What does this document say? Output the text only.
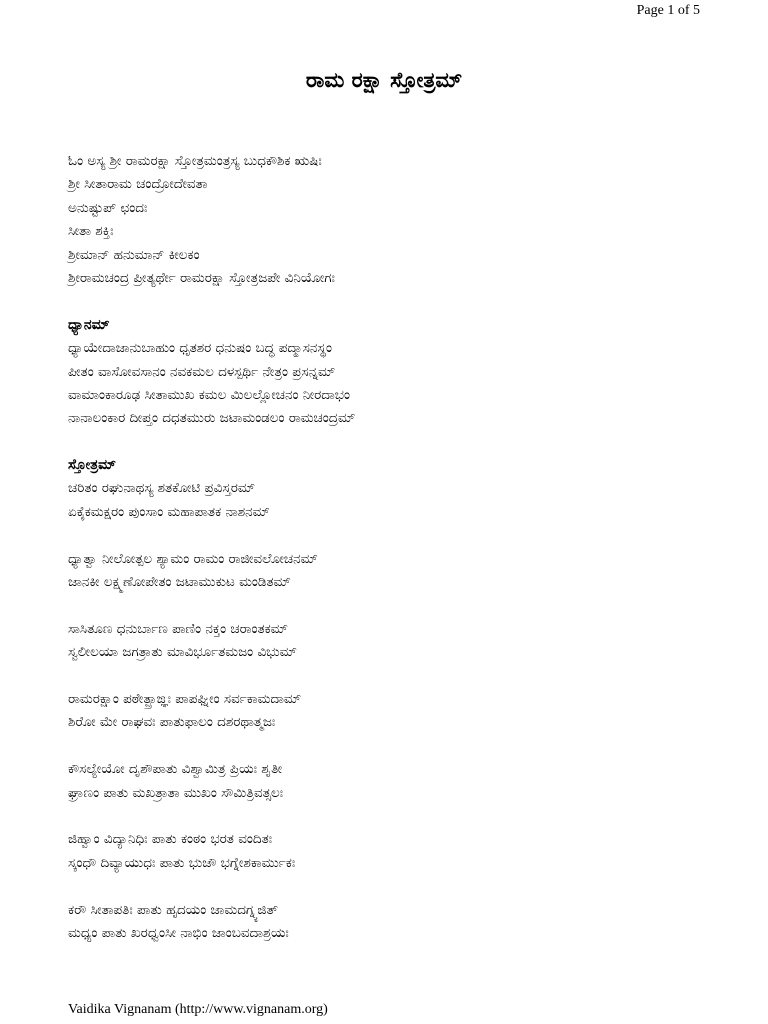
Page 1 of 5
ರಾಮ ರಕ್ಷಾ ಸ್ತೋತ್ರಮ್
ಓಂ ಅಸ್ಯ ಶ್ರೀ ರಾಮರಕ್ಷಾ ಸ್ತೋತ್ರಮಂತ್ರಸ್ಯ ಬುಧಕೌಶಿಕ ಋಷಿಃ
ಶ್ರೀ ಸೀತಾರಾಮ ಚಂದ್ರೋದೇವತಾ
ಅನುಷ್ಟುಪ್ ಛಂದಃ
ಸೀತಾ ಶಕ್ತಿಃ
ಶ್ರೀಮಾನ್ ಹನುಮಾನ್ ಕೀಲಕಂ
ಶ್ರೀರಾಮಚಂದ್ರ ಪ್ರೀತ್ಯರ್ಥೇ ರಾಮರಕ್ಷಾ ಸ್ತೋತ್ರಜಪೇ ವಿನಿಯೋಗಃ
ಧ್ಯಾನಮ್
ಧ್ಯಾಯೇದಾಜಾನುಬಾಹುಂ ಧೃತಶರ ಧನುಷಂ ಬದ್ಧ ಪದ್ಮಾಸನಸ್ಥಂ
ಪೀತಂ ವಾಸೋವಸಾನಂ ನವಕಮಲ ದಳಸ್ಪರ್ಥಿ ನೇತ್ರಂ ಪ್ರಸನ್ನಮ್
ವಾಮಾಂಕಾರೂಢ ಸೀತಾಮುಖ ಕಮಲ ಮಿಲಲ್ಲೋಚನಂ ನೀರದಾಭಂ
ನಾನಾಲಂಕಾರ ದೀಪ್ತಂ ದಧತಮುರು ಜಟಾಮಂಡಲಂ ರಾಮಚಂದ್ರಮ್
ಸ್ತೋತ್ರಮ್
ಚರಿತಂ ರಘುನಾಥಸ್ಯ ಶತಕೋಟಿ ಪ್ರವಿಸ್ತರಮ್
ಏಕೈಕಮಕ್ಷರಂ ಪುಂಸಾಂ ಮಹಾಪಾತಕ ನಾಶನಮ್
ಧ್ಯಾತ್ವಾ ನೀಲೋತ್ಪಲ ಶ್ಯಾಮಂ ರಾಮಂ ರಾಜೀವಲೋಚನಮ್
ಜಾನಕೀ ಲಕ್ಷ್ಮಣೋಪೇತಂ ಜಟಾಮುಕುಟ ಮಂಡಿತಮ್
ಸಾಸಿತೂಣ ಧನುರ್ಬಾಣ ಪಾಣಿಂ ನಕ್ತಂ ಚರಾಂತಕಮ್
ಸ್ವಲೀಲಯಾ ಜಗತ್ರಾತು ಮಾವಿರ್ಭೂತಮಜಂ ವಿಭುಮ್
ರಾಮರಕ್ಷಾಂ ಪಠೇತ್ಪ್ರಾಙ್ಞಃ ಪಾಪಘ್ನೀಂ ಸರ್ವಕಾಮದಾಮ್
ಶಿರೋ ಮೇ ರಾಘವಃ ಪಾತುಫಾಲಂ ದಶರಥಾತ್ಮಜಃ
ಕೌಸಲ್ಯೇಯೋ ದೃಶೌಪಾತು ವಿಶ್ವಾಮಿತ್ರ ಪ್ರಿಯಃ ಶೃತೀ
ಘ್ರಾಣಂ ಪಾತು ಮಖತ್ರಾತಾ ಮುಖಂ ಸೌಮಿತ್ರಿವತ್ಸಲಃ
ಜಿಹ್ವಾಂ ವಿದ್ಯಾನಿಧಿಃ ಪಾತು ಕಂಠಂ ಭರತ ವಂದಿತಃ
ಸ್ಕಂಧೌ ದಿವ್ಯಾಯುಧಃ ಪಾತು ಭುಜೌ ಭಗ್ನೇಶಕಾರ್ಮುಕಃ
ಕರೌ ಸೀತಾಪತಿಃ ಪಾತು ಹೃದಯಂ ಜಾಮದಗ್ನ್ಯಜಿತ್
ಮಧ್ಯಂ ಪಾತು ಖರಧ್ವಂಸೀ ನಾಭಿಂ ಜಾಂಬವದಾಶ್ರಯಃ
Vaidika Vignanam (http://www.vignanam.org)
